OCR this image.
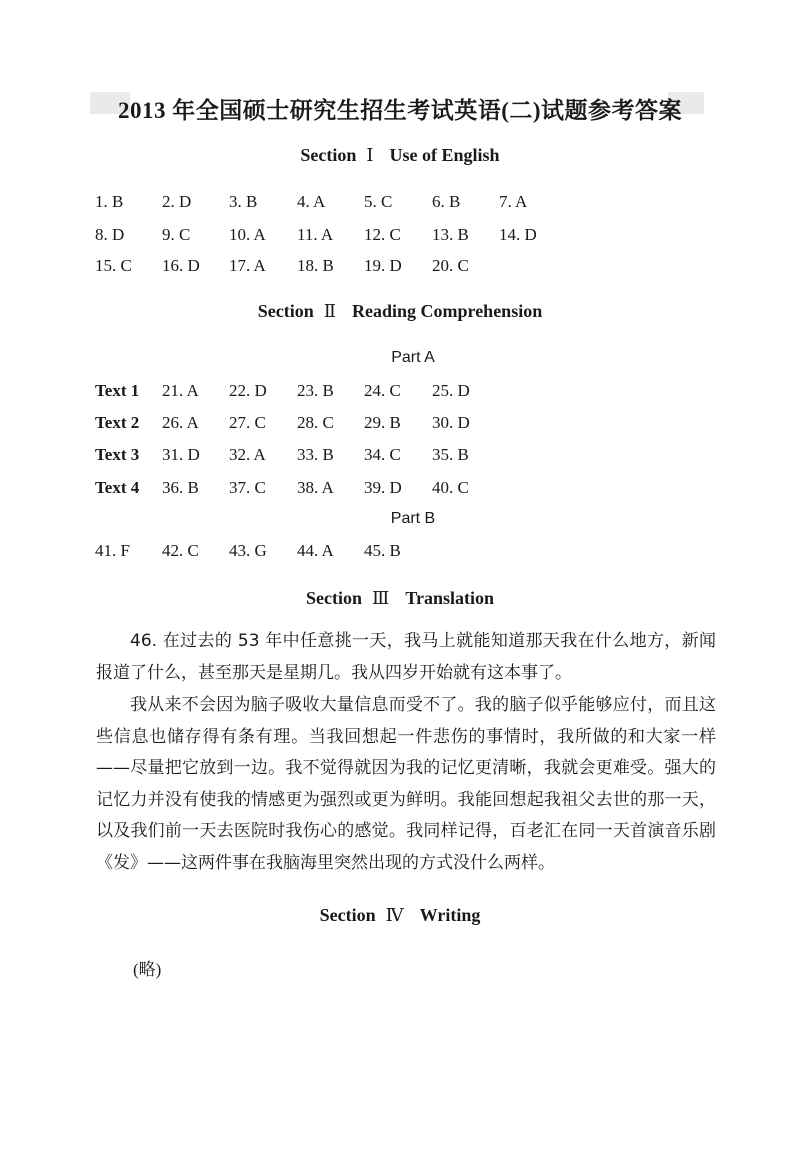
2013 年全国硕士研究生招生考试英语(二)试题参考答案
Section Ⅰ Use of English
1. B 2. D 3. B 4. A 5. C 6. B 7. A
8. D 9. C 10. A 11. A 12. C 13. B 14. D
15. C 16. D 17. A 18. B 19. D 20. C
Section Ⅱ Reading Comprehension
Part A
Text 1 21. A 22. D 23. B 24. C 25. D
Text 2 26. A 27. C 28. C 29. B 30. D
Text 3 31. D 32. A 33. B 34. C 35. B
Text 4 36. B 37. C 38. A 39. D 40. C
Part B
41. F 42. C 43. G 44. A 45. B
Section Ⅲ Translation
46. 在过去的 53 年中任意挑一天，我马上就能知道那天我在什么地方，新闻报道了什么，甚至那天是星期几。我从四岁开始就有这本事了。
我从来不会因为脑子吸收大量信息而受不了。我的脑子似乎能够应付，而且这些信息也储存得有条有理。当我回想起一件悲伤的事情时，我所做的和大家一样——尽量把它放到一边。我不觉得就因为我的记忆更清晰，我就会更难受。强大的记忆力并没有使我的情感更为强烈或更为鲜明。我能回想起我祖父去世的那一天，以及我们前一天去医院时我伤心的感觉。我同样记得，百老汇在同一天首演音乐剧《发》——这两件事在我脑海里突然出现的方式没什么两样。
Section Ⅳ Writing
(略)
